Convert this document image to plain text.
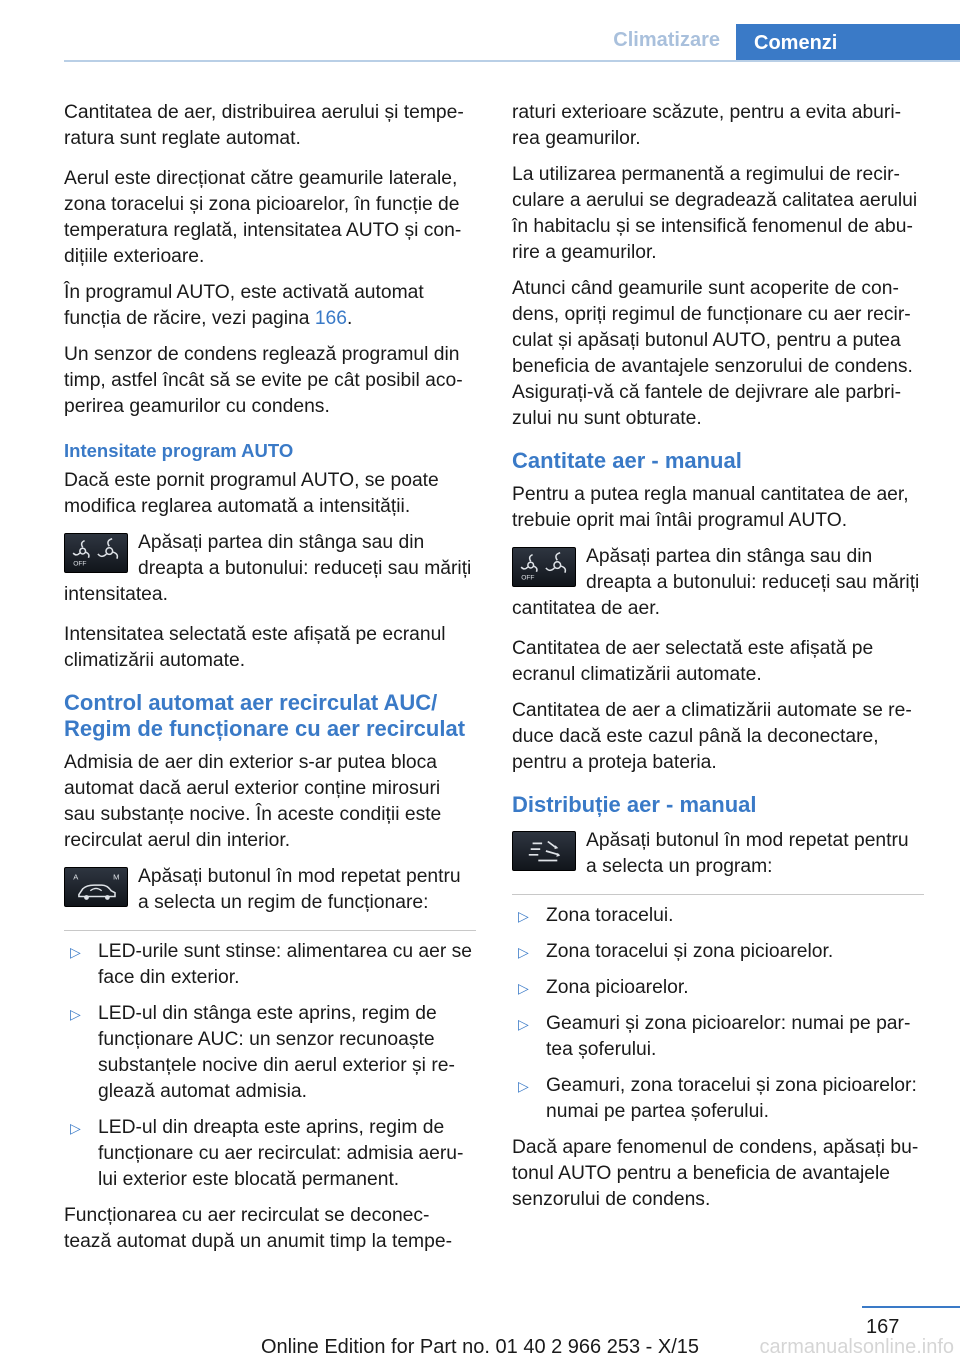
Climatizare	Comenzi

Cantitatea de aer, distribuirea aerului și tempe‐ratura sunt reglate automat.

Aerul este direcționat către geamurile laterale, zona toracelui și zona picioarelor, în funcție de temperatura reglată, intensitatea AUTO și con‐dițiile exterioare.

În programul AUTO, este activată automat funcția de răcire, vezi pagina 166.

Un senzor de condens reglează programul din timp, astfel încât să se evite pe cât posibil aco‐perirea geamurilor cu condens.

Intensitate program AUTO

Dacă este pornit programul AUTO, se poate modifica reglarea automată a intensității.

OFF
Apăsați partea din stânga sau din dreapta a butonului: reduceți sau măriți intensitatea.

Intensitatea selectată este afișată pe ecranul climatizării automate.

Control automat aer recirculat AUC/ Regim de funcționare cu aer recirculat

Admisia de aer din exterior s-ar putea bloca automat dacă aerul exterior conține mirosuri sau substanțe nocive. În aceste condiții este recirculat aerul din interior.

A	M Apăsați butonul în mod repetat pentru a selecta un regim de funcționare:
▷ LED-urile sunt stinse: alimentarea cu aer se face din exterior.
▷ LED-ul din stânga este aprins, regim de funcționare AUC: un senzor recunoaște substanțele nocive din aerul exterior și re‐glează automat admisia.
▷ LED-ul din dreapta este aprins, regim de funcționare cu aer recirculat: admisia aeru‐lui exterior este blocată permanent.

Funcționarea cu aer recirculat se deconec‐tează automat după un anumit timp la tempe‐

raturi exterioare scăzute, pentru a evita aburi‐rea geamurilor.

La utilizarea permanentă a regimului de recir‐culare a aerului se degradează calitatea aerului în habitaclu și se intensifică fenomenul de abu‐rire a geamurilor.

Atunci când geamurile sunt acoperite de con‐dens, opriți regimul de funcționare cu aer recir‐culat și apăsați butonul AUTO, pentru a putea beneficia de avantajele senzorului de condens. Asigurați-vă că fantele de dejivrare ale parbri‐zului nu sunt obturate.

Cantitate aer - manual

Pentru a putea regla manual cantitatea de aer, trebuie oprit mai întâi programul AUTO.

OFF
Apăsați partea din stânga sau din dreapta a butonului: reduceți sau măriți cantitatea de aer.

Cantitatea de aer selectată este afișată pe ecranul climatizării automate.

Cantitatea de aer a climatizării automate se re‐duce dacă este cazul până la deconectare, pentru a proteja bateria.

Distribuție aer - manual
Apăsați butonul în mod repetat pentru a selecta un program:
▷ Zona toracelui.
▷ Zona toracelui și zona picioarelor.
▷ Zona picioarelor.
▷ Geamuri și zona picioarelor: numai pe par‐tea șoferului.
▷ Geamuri, zona toracelui și zona picioarelor: numai pe partea șoferului.

Dacă apare fenomenul de condens, apăsați bu‐tonul AUTO pentru a beneficia de avantajele senzorului de condens.

167
Online Edition for Part no. 01 40 2 966 253 - X/15	carmanualsonline.info
